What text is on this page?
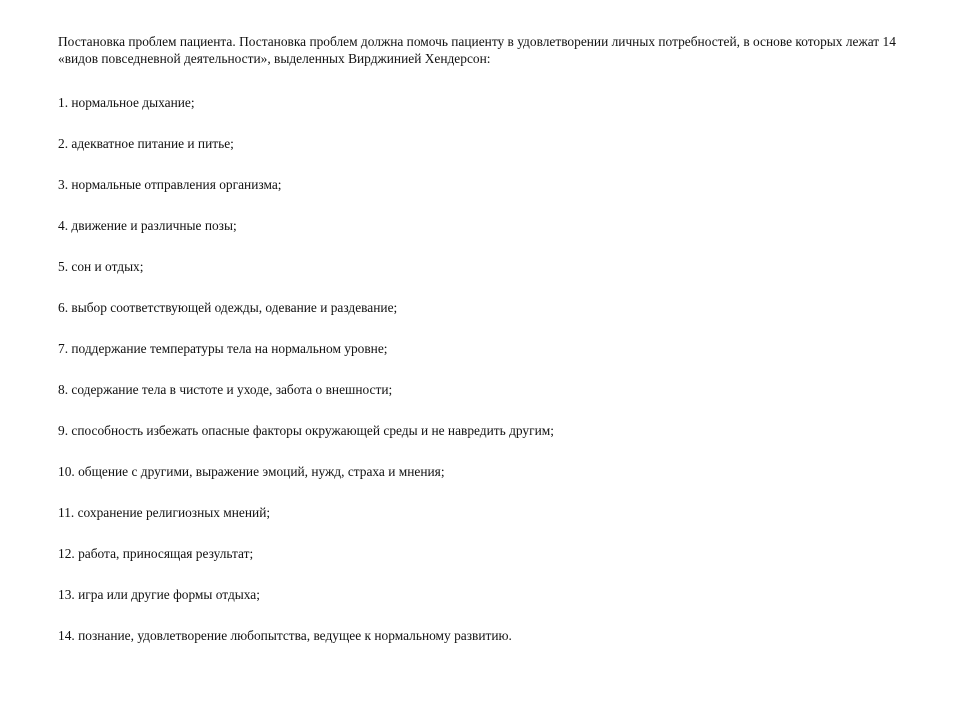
Постановка проблем пациента. Постановка проблем должна помочь пациенту в удовлетворении личных потребностей, в основе которых лежат 14 «видов повседневной деятельности», выделенных Вирджинией Хендерсон:

1. нормальное дыхание;
2. адекватное питание и питье;
3. нормальные отправления организма;
4. движение и различные позы;
5. сон и отдых;
6. выбор соответствующей одежды, одевание и раздевание;
7. поддержание температуры тела на нормальном уровне;
8. содержание тела в чистоте и уходе, забота о внешности;
9. способность избежать опасные факторы окружающей среды и не навредить другим;
10. общение с другими, выражение эмоций, нужд, страха и мнения;
11. сохранение религиозных мнений;
12. работа, приносящая результат;
13. игра или другие формы отдыха;
14. познание, удовлетворение любопытства, ведущее к нормальному развитию.
